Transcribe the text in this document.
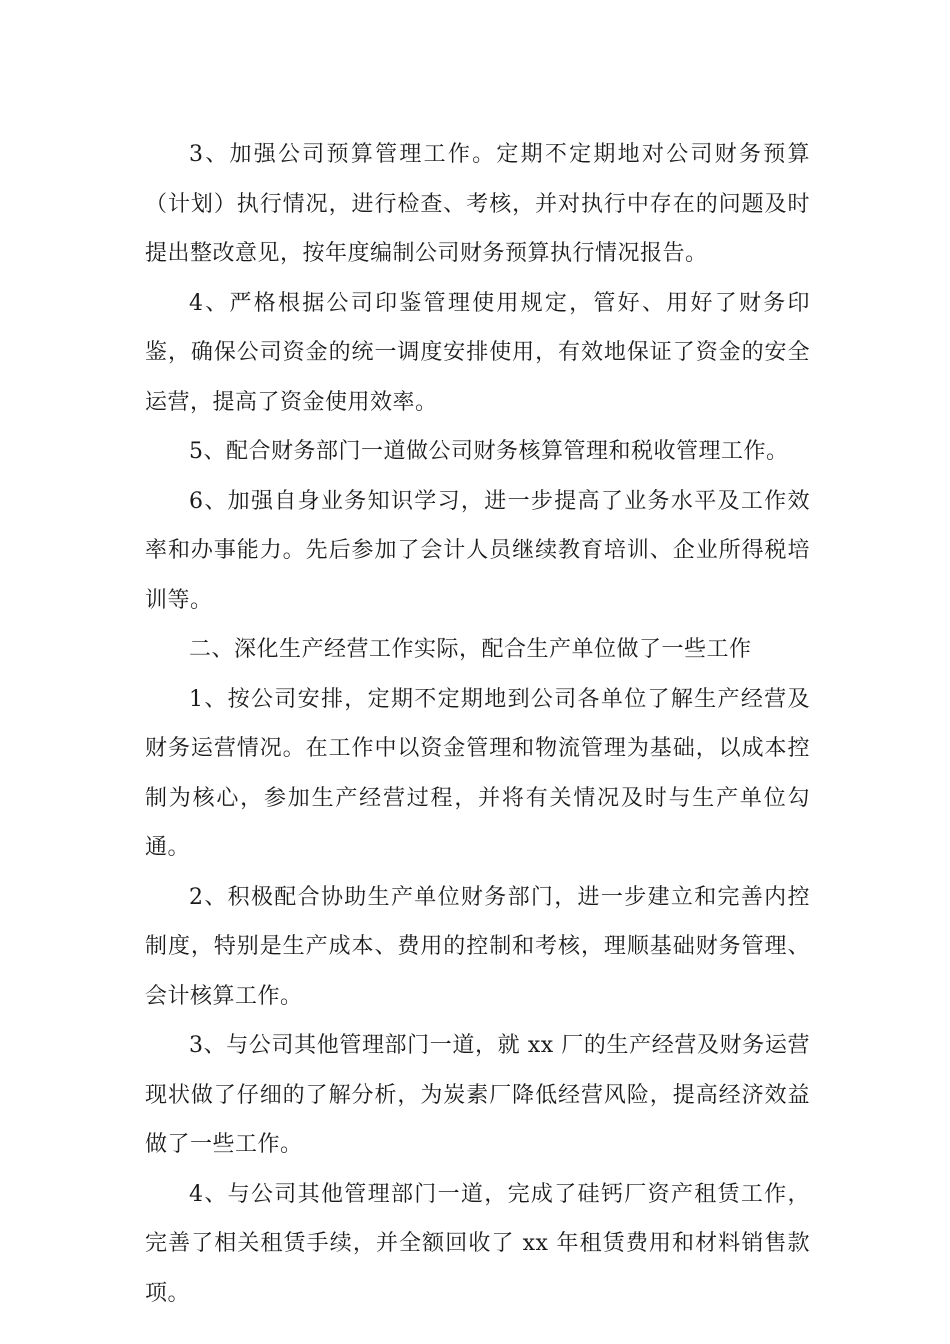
3、加强公司预算管理工作。定期不定期地对公司财务预算（计划）执行情况，进行检查、考核，并对执行中存在的问题及时提出整改意见，按年度编制公司财务预算执行情况报告。

4、严格根据公司印鉴管理使用规定，管好、用好了财务印鉴，确保公司资金的统一调度安排使用，有效地保证了资金的安全运营，提高了资金使用效率。

5、配合财务部门一道做公司财务核算管理和税收管理工作。

6、加强自身业务知识学习，进一步提高了业务水平及工作效率和办事能力。先后参加了会计人员继续教育培训、企业所得税培训等。

二、深化生产经营工作实际，配合生产单位做了一些工作

1、按公司安排，定期不定期地到公司各单位了解生产经营及财务运营情况。在工作中以资金管理和物流管理为基础，以成本控制为核心，参加生产经营过程，并将有关情况及时与生产单位勾通。

2、积极配合协助生产单位财务部门，进一步建立和完善内控制度，特别是生产成本、费用的控制和考核，理顺基础财务管理、会计核算工作。

3、与公司其他管理部门一道，就 xx 厂的生产经营及财务运营现状做了仔细的了解分析，为炭素厂降低经营风险，提高经济效益做了一些工作。

4、与公司其他管理部门一道，完成了硅钙厂资产租赁工作，完善了相关租赁手续，并全额回收了 xx 年租赁费用和材料销售款项。
